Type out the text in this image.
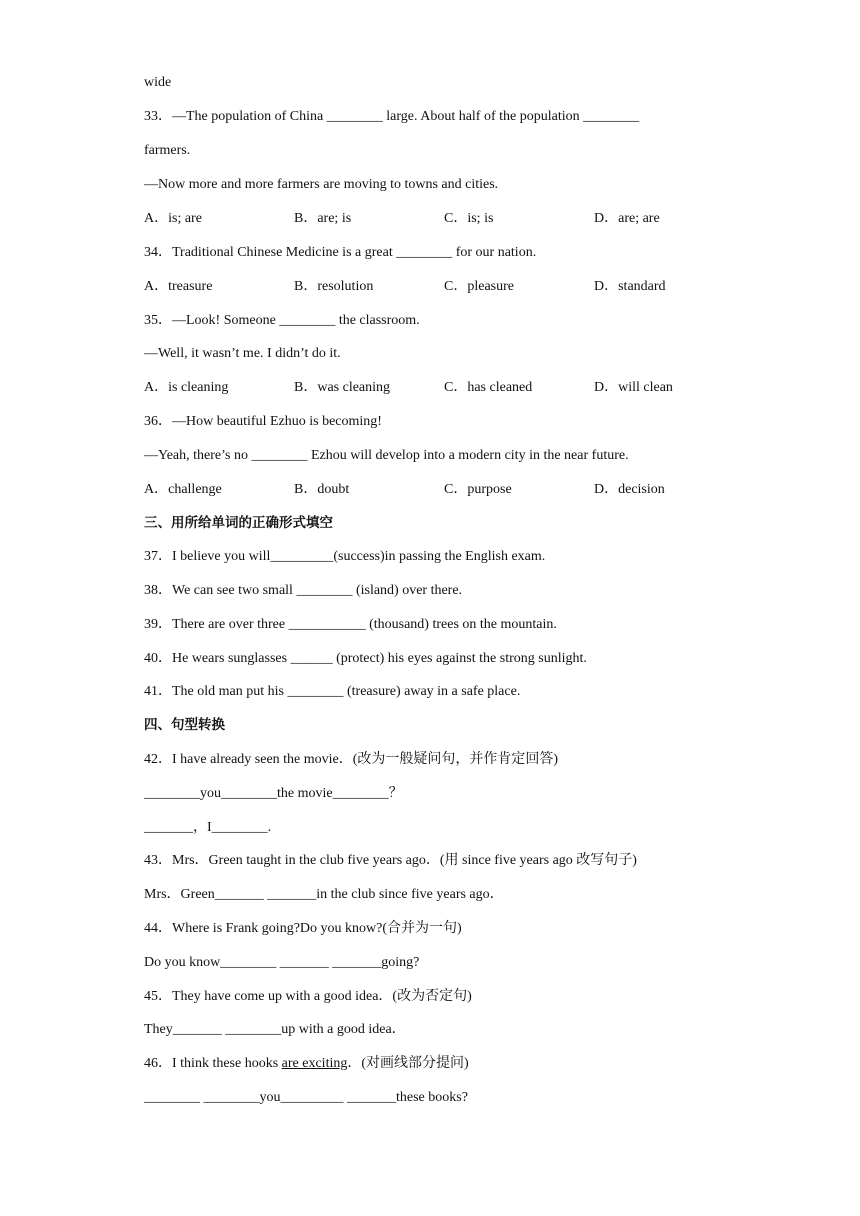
wide
33．—The population of China ________ large. About half of the population ________
farmers.
—Now more and more farmers are moving to towns and cities.
A．is; are	B．are; is	C．is; is	D．are; are
34．Traditional Chinese Medicine is a great ________ for our nation.
A．treasure	B．resolution	C．pleasure	D．standard
35．—Look! Someone ________ the classroom.
—Well, it wasn’t me. I didn’t do it.
A．is cleaning	B．was cleaning	C．has cleaned	D．will clean
36．—How beautiful Ezhuo is becoming!
—Yeah, there’s no ________ Ezhou will develop into a modern city in the near future.
A．challenge	B．doubt	C．purpose	D．decision
三、用所给单词的正确形式填空
37．I believe you will_________(success)in passing the English exam.
38．We can see two small ________ (island) over there.
39．There are over three ___________ (thousand) trees on the mountain.
40．He wears sunglasses ______ (protect) his eyes against the strong sunlight.
41．The old man put his ________ (treasure) away in a safe place.
四、句型转换
42．I have already seen the movie．(改为一般疑问句，并作肯定回答)
________you________the movie________？
_______，I________.
43．Mrs．Green taught in the club five years ago．(用 since five years ago 改写句子)
Mrs．Green_______ _______in the club since five years ago．
44．Where is Frank going?Do you know?(合并为一句)
Do you know________ _______ _______going?
45．They have come up with a good idea．(改为否定句)
They_______ ________up with a good idea．
46．I think these hooks are exciting．(对画线部分提问)
________ ________you_________ _______these books?
